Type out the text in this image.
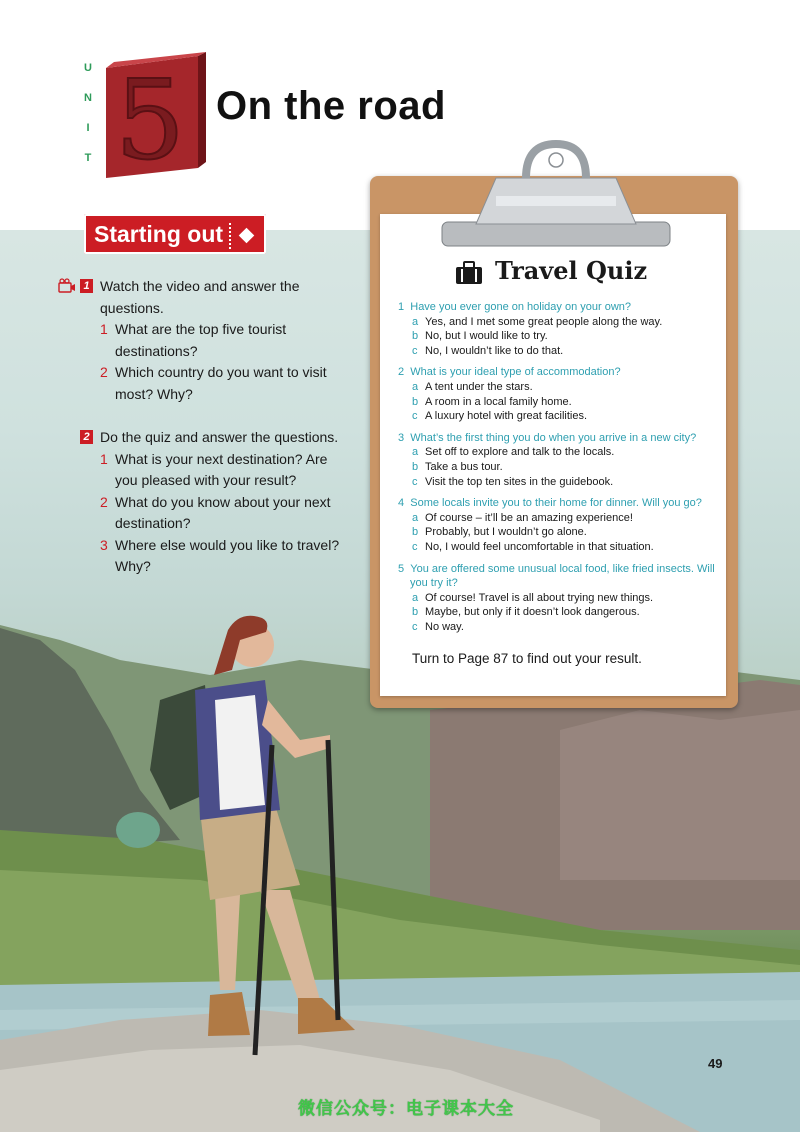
U
N
I
T 5 On the road
Starting out
1 Watch the video and answer the questions.
1 What are the top five tourist destinations?
2 Which country do you want to visit most? Why?
2 Do the quiz and answer the questions.
1 What is your next destination? Are you pleased with your result?
2 What do you know about your next destination?
3 Where else would you like to travel? Why?
Travel Quiz
1 Have you ever gone on holiday on your own?
a Yes, and I met some great people along the way.
b No, but I would like to try.
c No, I wouldn’t like to do that.
2 What is your ideal type of accommodation?
a A tent under the stars.
b A room in a local family home.
c A luxury hotel with great facilities.
3 What’s the first thing you do when you arrive in a new city?
a Set off to explore and talk to the locals.
b Take a bus tour.
c Visit the top ten sites in the guidebook.
4 Some locals invite you to their home for dinner. Will you go?
a Of course – it’ll be an amazing experience!
b Probably, but I wouldn’t go alone.
c No, I would feel uncomfortable in that situation.
5 You are offered some unusual local food, like fried insects. Will you try it?
a Of course! Travel is all about trying new things.
b Maybe, but only if it doesn’t look dangerous.
c No way.
Turn to Page 87 to find out your result.
49
微信公众号：电子课本大全
